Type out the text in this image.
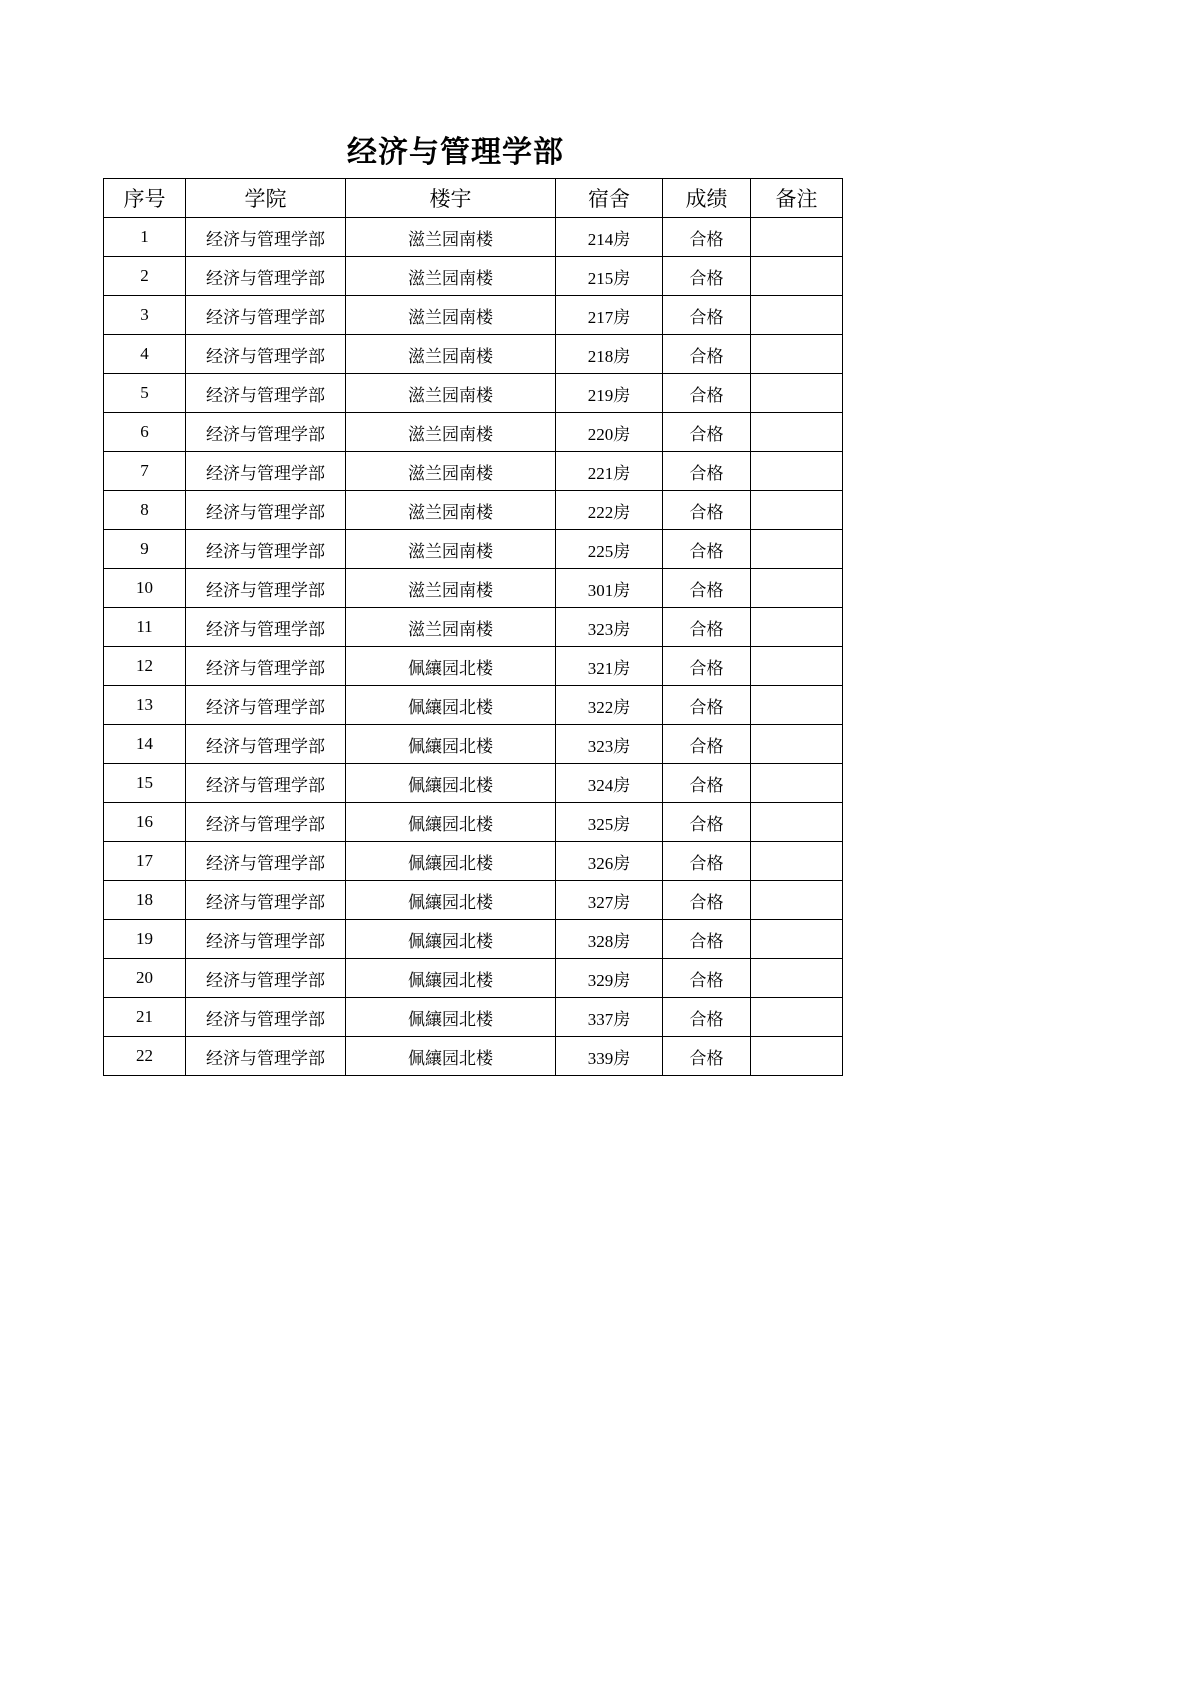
经济与管理学部
序号	学院	楼宇	宿舍	成绩	备注
1	经济与管理学部	滋兰园南楼	214房	合格	
2	经济与管理学部	滋兰园南楼	215房	合格	
3	经济与管理学部	滋兰园南楼	217房	合格	
4	经济与管理学部	滋兰园南楼	218房	合格	
5	经济与管理学部	滋兰园南楼	219房	合格	
6	经济与管理学部	滋兰园南楼	220房	合格	
7	经济与管理学部	滋兰园南楼	221房	合格	
8	经济与管理学部	滋兰园南楼	222房	合格	
9	经济与管理学部	滋兰园南楼	225房	合格	
10	经济与管理学部	滋兰园南楼	301房	合格	
11	经济与管理学部	滋兰园南楼	323房	合格	
12	经济与管理学部	佩纕园北楼	321房	合格	
13	经济与管理学部	佩纕园北楼	322房	合格	
14	经济与管理学部	佩纕园北楼	323房	合格	
15	经济与管理学部	佩纕园北楼	324房	合格	
16	经济与管理学部	佩纕园北楼	325房	合格	
17	经济与管理学部	佩纕园北楼	326房	合格	
18	经济与管理学部	佩纕园北楼	327房	合格	
19	经济与管理学部	佩纕园北楼	328房	合格	
20	经济与管理学部	佩纕园北楼	329房	合格	
21	经济与管理学部	佩纕园北楼	337房	合格	
22	经济与管理学部	佩纕园北楼	339房	合格	
